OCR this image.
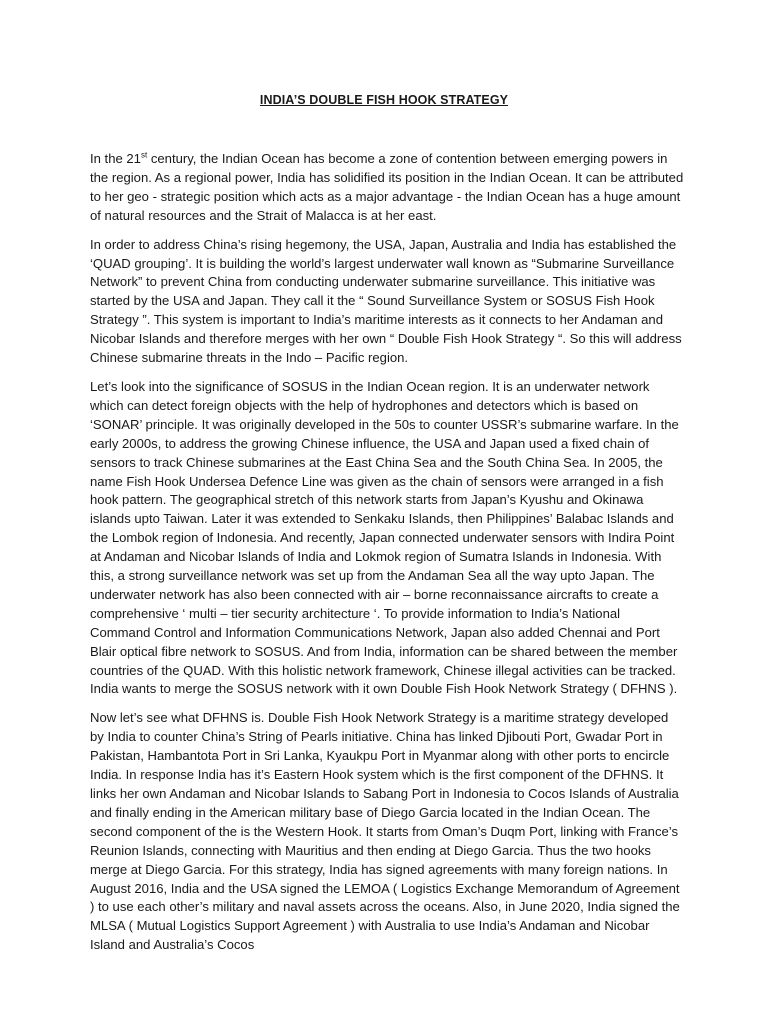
INDIA’S DOUBLE FISH HOOK STRATEGY

In the 21st century, the Indian Ocean has become a zone of contention between emerging powers in the region. As a regional power, India has solidified its position in the Indian Ocean. It can be attributed to her geo - strategic position which acts as a major advantage - the Indian Ocean has a huge amount of natural resources and the Strait of Malacca is at her east.

In order to address China’s rising hegemony, the USA, Japan, Australia and India has established the ‘QUAD grouping’. It is building the world’s largest underwater wall known as “Submarine Surveillance Network” to prevent China from conducting underwater submarine surveillance. This initiative was started by the USA and Japan. They call it the “ Sound Surveillance System or SOSUS Fish Hook Strategy ”. This system is important to India’s maritime interests as it connects to her Andaman and Nicobar Islands and therefore merges with her own “ Double Fish Hook Strategy “. So this will address Chinese submarine threats in the Indo – Pacific region.

Let’s look into the significance of SOSUS in the Indian Ocean region. It is an underwater network which can detect foreign objects with the help of hydrophones and detectors which is based on ‘SONAR’ principle. It was originally developed in the 50s to counter USSR’s submarine warfare. In the early 2000s, to address the growing Chinese influence, the USA and Japan used a fixed chain of sensors to track Chinese submarines at the East China Sea and the South China Sea. In 2005, the name Fish Hook Undersea Defence Line was given as the chain of sensors were arranged in a fish hook pattern. The geographical stretch of this network starts from Japan’s Kyushu and Okinawa islands upto Taiwan. Later it was extended to Senkaku Islands, then Philippines’ Balabac Islands and the Lombok region of Indonesia. And recently, Japan connected underwater sensors with Indira Point at Andaman and Nicobar Islands of India and Lokmok region of Sumatra Islands in Indonesia. With this, a strong surveillance network was set up from the Andaman Sea all the way upto Japan. The underwater network has also been connected with air – borne reconnaissance aircrafts to create a comprehensive ‘ multi – tier security architecture ‘. To provide information to India’s National Command Control and Information Communications Network, Japan also added Chennai and Port Blair optical fibre network to SOSUS. And from India, information can be shared between the member countries of the QUAD. With this holistic network framework, Chinese illegal activities can be tracked. India wants to merge the SOSUS network with it own Double Fish Hook Network Strategy ( DFHNS ).

Now let’s see what DFHNS is. Double Fish Hook Network Strategy is a maritime strategy developed by India to counter China’s String of Pearls initiative. China has linked Djibouti Port, Gwadar Port in Pakistan, Hambantota Port in Sri Lanka, Kyaukpu Port in Myanmar along with other ports to encircle India. In response India has it’s Eastern Hook system which is the first component of the DFHNS. It links her own Andaman and Nicobar Islands to Sabang Port in Indonesia to Cocos Islands of Australia and finally ending in the American military base of Diego Garcia located in the Indian Ocean. The second component of the is the Western Hook. It starts from Oman’s Duqm Port, linking with France’s Reunion Islands, connecting with Mauritius and then ending at Diego Garcia. Thus the two hooks merge at Diego Garcia. For this strategy, India has signed agreements with many foreign nations. In August 2016, India and the USA signed the LEMOA ( Logistics Exchange Memorandum of Agreement ) to use each other’s military and naval assets across the oceans. Also, in June 2020, India signed the MLSA ( Mutual Logistics Support Agreement ) with Australia to use India’s Andaman and Nicobar Island and Australia’s Cocos
